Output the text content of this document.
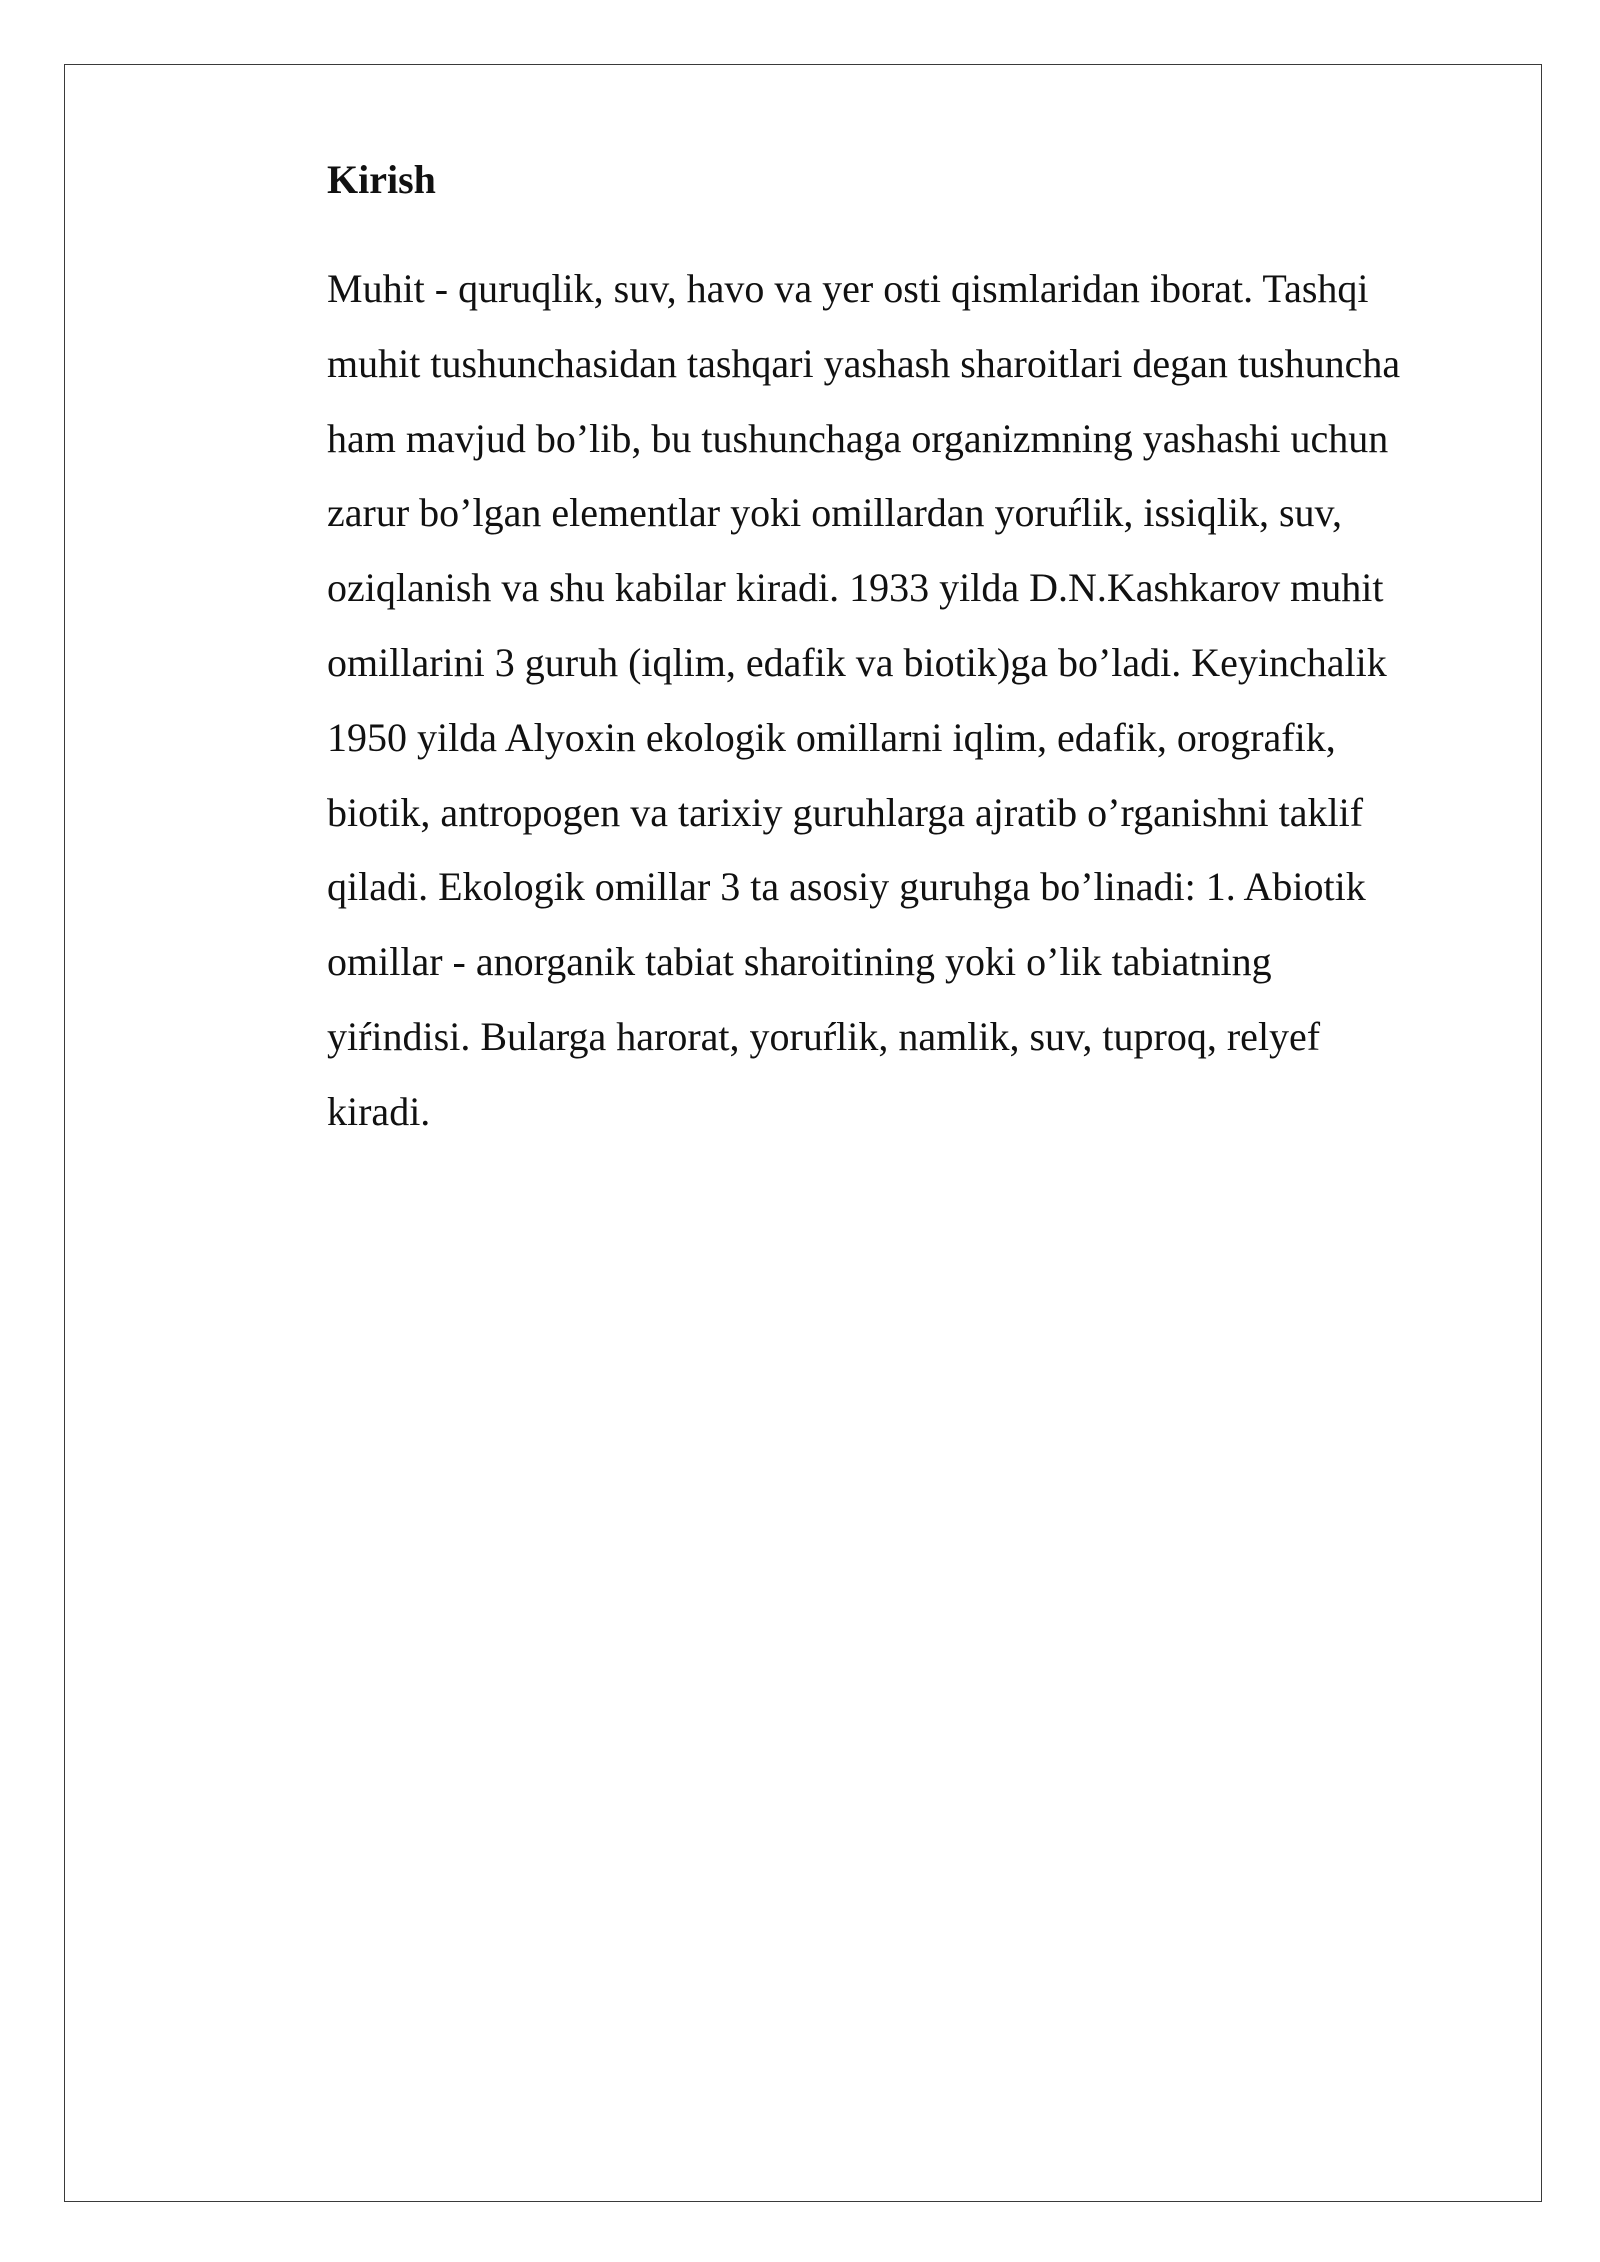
Kirish

Muhit - quruqlik, suv, havo va yer osti qismlaridan iborat. Tashqi

muhit tushunchasidan tashqari yashash sharoitlari degan tushuncha

ham mavjud bo’lib, bu tushunchaga organizmning yashashi uchun

zarur bo’lgan elementlar yoki omillardan yoruŕlik, issiqlik, suv,

oziqlanish va shu kabilar kiradi. 1933 yilda D.N.Kashkarov muhit

omillarini 3 guruh (iqlim, edafik va biotik)ga bo’ladi. Keyinchalik

1950 yilda Alyoxin ekologik omillarni iqlim, edafik, orografik,

biotik, antropogen va tarixiy guruhlarga ajratib o’rganishni taklif

qiladi. Ekologik omillar 3 ta asosiy guruhga bo’linadi: 1. Abiotik

omillar - anorganik tabiat sharoitining yoki o’lik tabiatning

yiŕindisi. Bularga harorat, yoruŕlik, namlik, suv, tuproq, relyef

kiradi.
